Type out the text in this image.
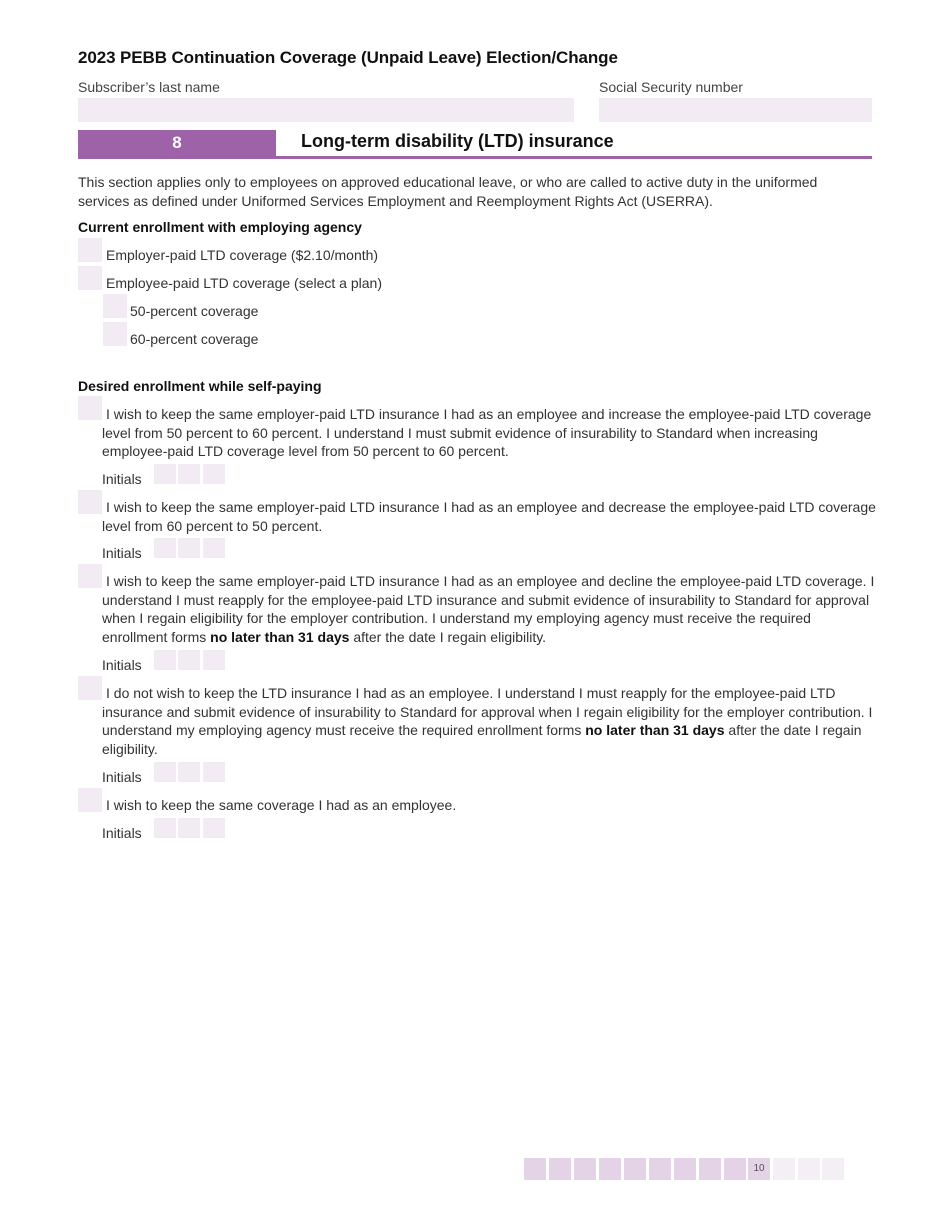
2023 PEBB Continuation Coverage (Unpaid Leave) Election/Change
Subscriber’s last name	Social Security number
8	Long-term disability (LTD) insurance
This section applies only to employees on approved educational leave, or who are called to active duty in the uniformed services as defined under Uniformed Services Employment and Reemployment Rights Act (USERRA).
Current enrollment with employing agency
Employer-paid LTD coverage ($2.10/month)
Employee-paid LTD coverage (select a plan)
50-percent coverage
60-percent coverage
Desired enrollment while self-paying
I wish to keep the same employer-paid LTD insurance I had as an employee and increase the employee-paid LTD coverage level from 50 percent to 60 percent. I understand I must submit evidence of insurability to Standard when increasing employee-paid LTD coverage level from 50 percent to 60 percent.
Initials
I wish to keep the same employer-paid LTD insurance I had as an employee and decrease the employee-paid LTD coverage level from 60 percent to 50 percent.
Initials
I wish to keep the same employer-paid LTD insurance I had as an employee and decline the employee-paid LTD coverage. I understand I must reapply for the employee-paid LTD insurance and submit evidence of insurability to Standard for approval when I regain eligibility for the employer contribution. I understand my employing agency must receive the required enrollment forms no later than 31 days after the date I regain eligibility.
Initials
I do not wish to keep the LTD insurance I had as an employee. I understand I must reapply for the employee-paid LTD insurance and submit evidence of insurability to Standard for approval when I regain eligibility for the employer contribution. I understand my employing agency must receive the required enrollment forms no later than 31 days after the date I regain eligibility.
Initials
I wish to keep the same coverage I had as an employee.
Initials
10
